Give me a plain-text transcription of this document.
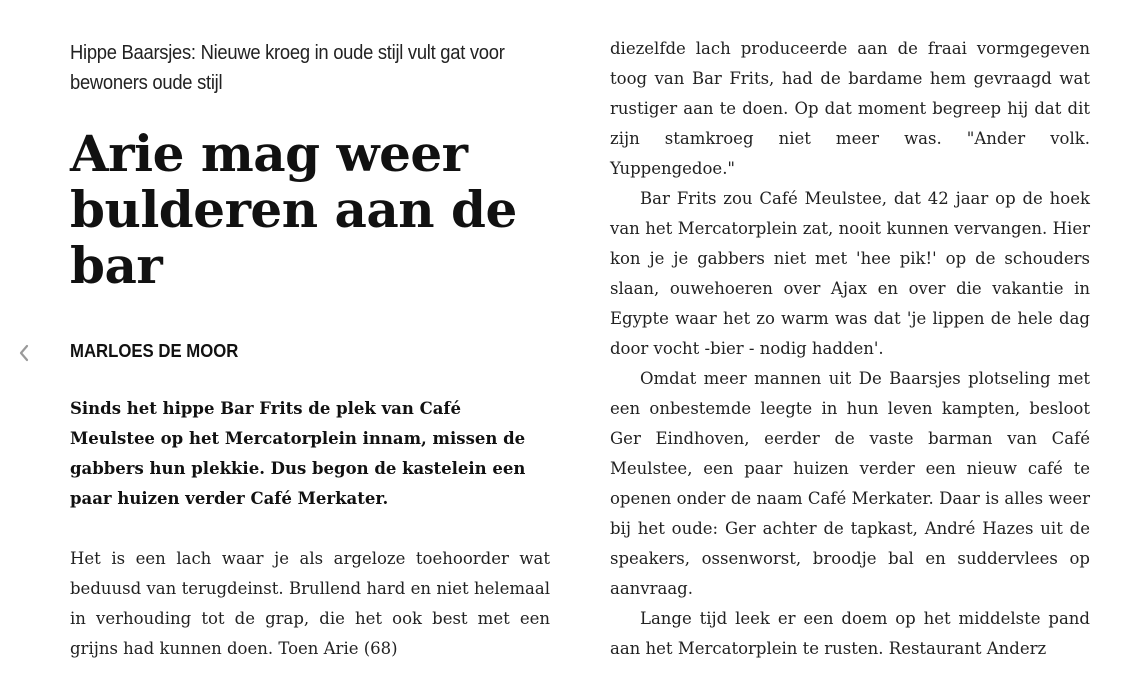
Hippe Baarsjes: Nieuwe kroeg in oude stijl vult gat voor bewoners oude stijl
Arie mag weer bulderen aan de bar
MARLOES DE MOOR

Sinds het hippe Bar Frits de plek van Café Meulstee op het Mercatorplein innam, missen de gabbers hun plekkie. Dus begon de kastelein een paar huizen verder Café Merkater.

Het is een lach waar je als argeloze toehoorder wat beduusd van terugdeinst. Brullend hard en niet helemaal in verhouding tot de grap, die het ook best met een grijns had kunnen doen. Toen Arie (68)

diezelfde lach produceerde aan de fraai vormgegeven toog van Bar Frits, had de bardame hem gevraagd wat rustiger aan te doen. Op dat moment begreep hij dat dit zijn stamkroeg niet meer was. "Ander volk. Yuppengedoe."

Bar Frits zou Café Meulstee, dat 42 jaar op de hoek van het Mercatorplein zat, nooit kunnen vervangen. Hier kon je je gabbers niet met 'hee pik!' op de schouders slaan, ouwehoeren over Ajax en over die vakantie in Egypte waar het zo warm was dat 'je lippen de hele dag door vocht -bier - nodig hadden'.

Omdat meer mannen uit De Baarsjes plotseling met een onbestemde leegte in hun leven kampten, besloot Ger Eindhoven, eerder de vaste barman van Café Meulstee, een paar huizen verder een nieuw café te openen onder de naam Café Merkater. Daar is alles weer bij het oude: Ger achter de tapkast, André Hazes uit de speakers, ossenworst, broodje bal en suddervlees op aanvraag.

Lange tijd leek er een doem op het middelste pand aan het Mercatorplein te rusten. Restaurant Anderz
